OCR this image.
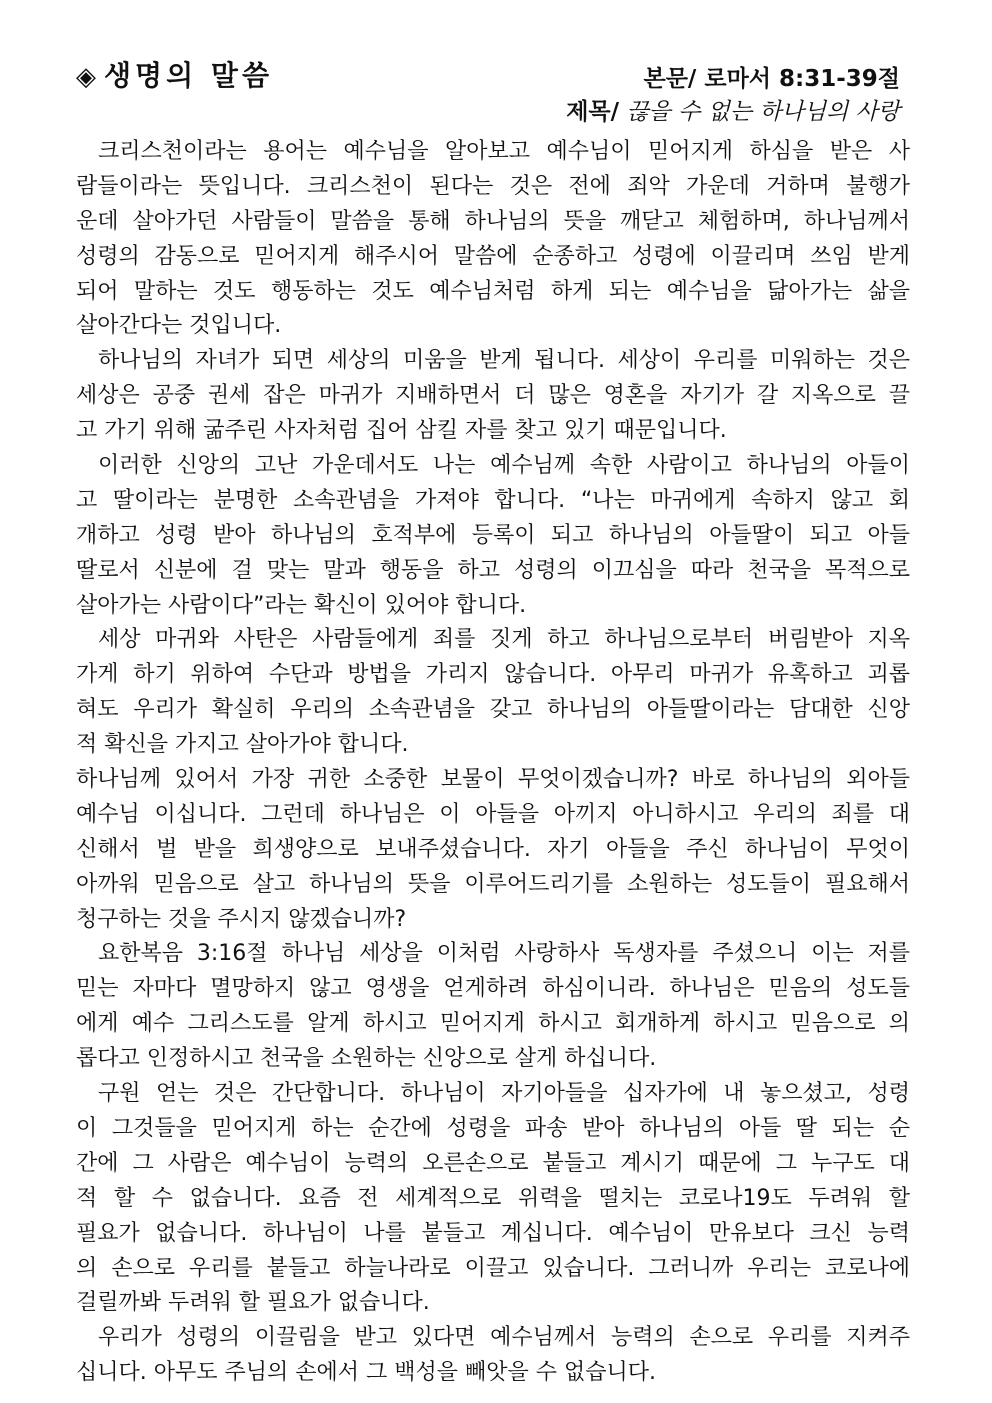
◈ 생명의 말씀	본문/ 로마서 8:31-39절
제목/ 끊을 수 없는 하나님의 사랑
크리스천이라는 용어는 예수님을 알아보고 예수님이 믿어지게 하심을 받은 사
람들이라는 뜻입니다. 크리스천이 된다는 것은 전에 죄악 가운데 거하며 불행가
운데 살아가던 사람들이 말씀을 통해 하나님의 뜻을 깨닫고 체험하며, 하나님께서
성령의 감동으로 믿어지게 해주시어 말씀에 순종하고 성령에 이끌리며 쓰임 받게
되어 말하는 것도 행동하는 것도 예수님처럼 하게 되는 예수님을 닮아가는 삶을
살아간다는 것입니다.
하나님의 자녀가 되면 세상의 미움을 받게 됩니다. 세상이 우리를 미워하는 것은
세상은 공중 권세 잡은 마귀가 지배하면서 더 많은 영혼을 자기가 갈 지옥으로 끌
고 가기 위해 굶주린 사자처럼 집어 삼킬 자를 찾고 있기 때문입니다.
이러한 신앙의 고난 가운데서도 나는 예수님께 속한 사람이고 하나님의 아들이
고 딸이라는 분명한 소속관념을 가져야 합니다. “나는 마귀에게 속하지 않고 회
개하고 성령 받아 하나님의 호적부에 등록이 되고 하나님의 아들딸이 되고 아들
딸로서 신분에 걸 맞는 말과 행동을 하고 성령의 이끄심을 따라 천국을 목적으로
살아가는 사람이다”라는 확신이 있어야 합니다.
세상 마귀와 사탄은 사람들에게 죄를 짓게 하고 하나님으로부터 버림받아 지옥
가게 하기 위하여 수단과 방법을 가리지 않습니다. 아무리 마귀가 유혹하고 괴롭
혀도 우리가 확실히 우리의 소속관념을 갖고 하나님의 아들딸이라는 담대한 신앙
적 확신을 가지고 살아가야 합니다.
하나님께 있어서 가장 귀한 소중한 보물이 무엇이겠습니까? 바로 하나님의 외아들
예수님 이십니다. 그런데 하나님은 이 아들을 아끼지 아니하시고 우리의 죄를 대
신해서 벌 받을 희생양으로 보내주셨습니다. 자기 아들을 주신 하나님이 무엇이
아까워 믿음으로 살고 하나님의 뜻을 이루어드리기를 소원하는 성도들이 필요해서
청구하는 것을 주시지 않겠습니까?
요한복음 3:16절 하나님 세상을 이처럼 사랑하사 독생자를 주셨으니 이는 저를
믿는 자마다 멸망하지 않고 영생을 얻게하려 하심이니라. 하나님은 믿음의 성도들
에게 예수 그리스도를 알게 하시고 믿어지게 하시고 회개하게 하시고 믿음으로 의
롭다고 인정하시고 천국을 소원하는 신앙으로 살게 하십니다.
구원 얻는 것은 간단합니다. 하나님이 자기아들을 십자가에 내 놓으셨고, 성령
이 그것들을 믿어지게 하는 순간에 성령을 파송 받아 하나님의 아들 딸 되는 순
간에 그 사람은 예수님이 능력의 오른손으로 붙들고 계시기 때문에 그 누구도 대
적 할 수 없습니다. 요즘 전 세계적으로 위력을 떨치는 코로나19도 두려워 할
필요가 없습니다. 하나님이 나를 붙들고 계십니다. 예수님이 만유보다 크신 능력
의 손으로 우리를 붙들고 하늘나라로 이끌고 있습니다. 그러니까 우리는 코로나에
걸릴까봐 두려워 할 필요가 없습니다.
우리가 성령의 이끌림을 받고 있다면 예수님께서 능력의 손으로 우리를 지켜주
십니다. 아무도 주님의 손에서 그 백성을 빼앗을 수 없습니다.
